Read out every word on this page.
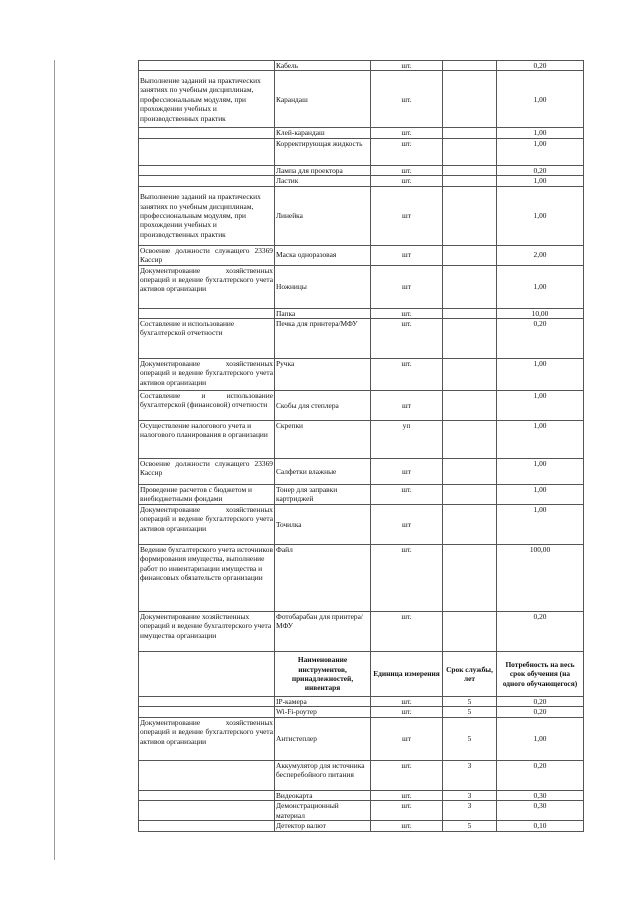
	Кабель	шт.		0,20
Выполнение заданий на практических занятиях по учебным дисциплинам, профессиональным модулям, при прохождении учебных и производственных практик	Карандаш	шт.		1,00
	Клей-карандаш	шт.		1,00
	Корректирующая жидкость	шт.		1,00
	Лампа для проектора	шт.		0,20
	Ластик	шт.		1,00
Выполнение заданий на практических занятиях по учебным дисциплинам, профессиональным модулям, при прохождении учебных и производственных практик	Линейка	шт		1,00
Освоение должности служащего 23369 Кассир	Маска одноразовая	шт		2,00
Документирование хозяйственных операций и ведение бухгалтерского учета активов организации	Ножницы	шт		1,00
	Папка	шт.		10,00
Составление и использование бухгалтерской отчетности	Печка для принтера/МФУ	шт.		0,20
Документирование хозяйственных операций и ведение бухгалтерского учета активов организации	Ручка	шт.		1,00
Составление и использование бухгалтерской (финансовой) отчетности	Скобы для степлера	шт		1,00
Осуществление налогового учета и налогового планирования в организации	Скрепки	уп		1,00
Освоение должности служащего 23369 Кассир	Салфетки влажные	шт		1,00
Проведение расчетов с бюджетом и внебюджетными фондами	Тонер для заправки картриджей	шт.		1,00
Документирование хозяйственных операций и ведение бухгалтерского учета активов организации	Точилка	шт		1,00
Ведение бухгалтерского учета источников формирования имущества, выполнение работ по инвентаризации имущества и финансовых обязательств организации	Файл	шт.		100,00
Документирование хозяйственных операций и ведение бухгалтерского учета имущества организации	Фотобарабан для принтера/МФУ	шт.		0,20
	Наименование инструментов, принадлежностей, инвентаря	Единица измерения	Срок службы, лет	Потребность на весь срок обучения (на одного обучающегося)
	IP-камера	шт.	5	0,20
	Wi-Fi-роутер	шт.	5	0,20
Документирование хозяйственных операций и ведение бухгалтерского учета активов организации	Антистеплер	шт	5	1,00
	Аккумулятор для источника бесперебойного питания	шт.	3	0,20
	Видеокарта	шт.	3	0,30
	Демонстрационный материал	шт.	3	0,30
	Детектор валют	шт.	5	0,10
